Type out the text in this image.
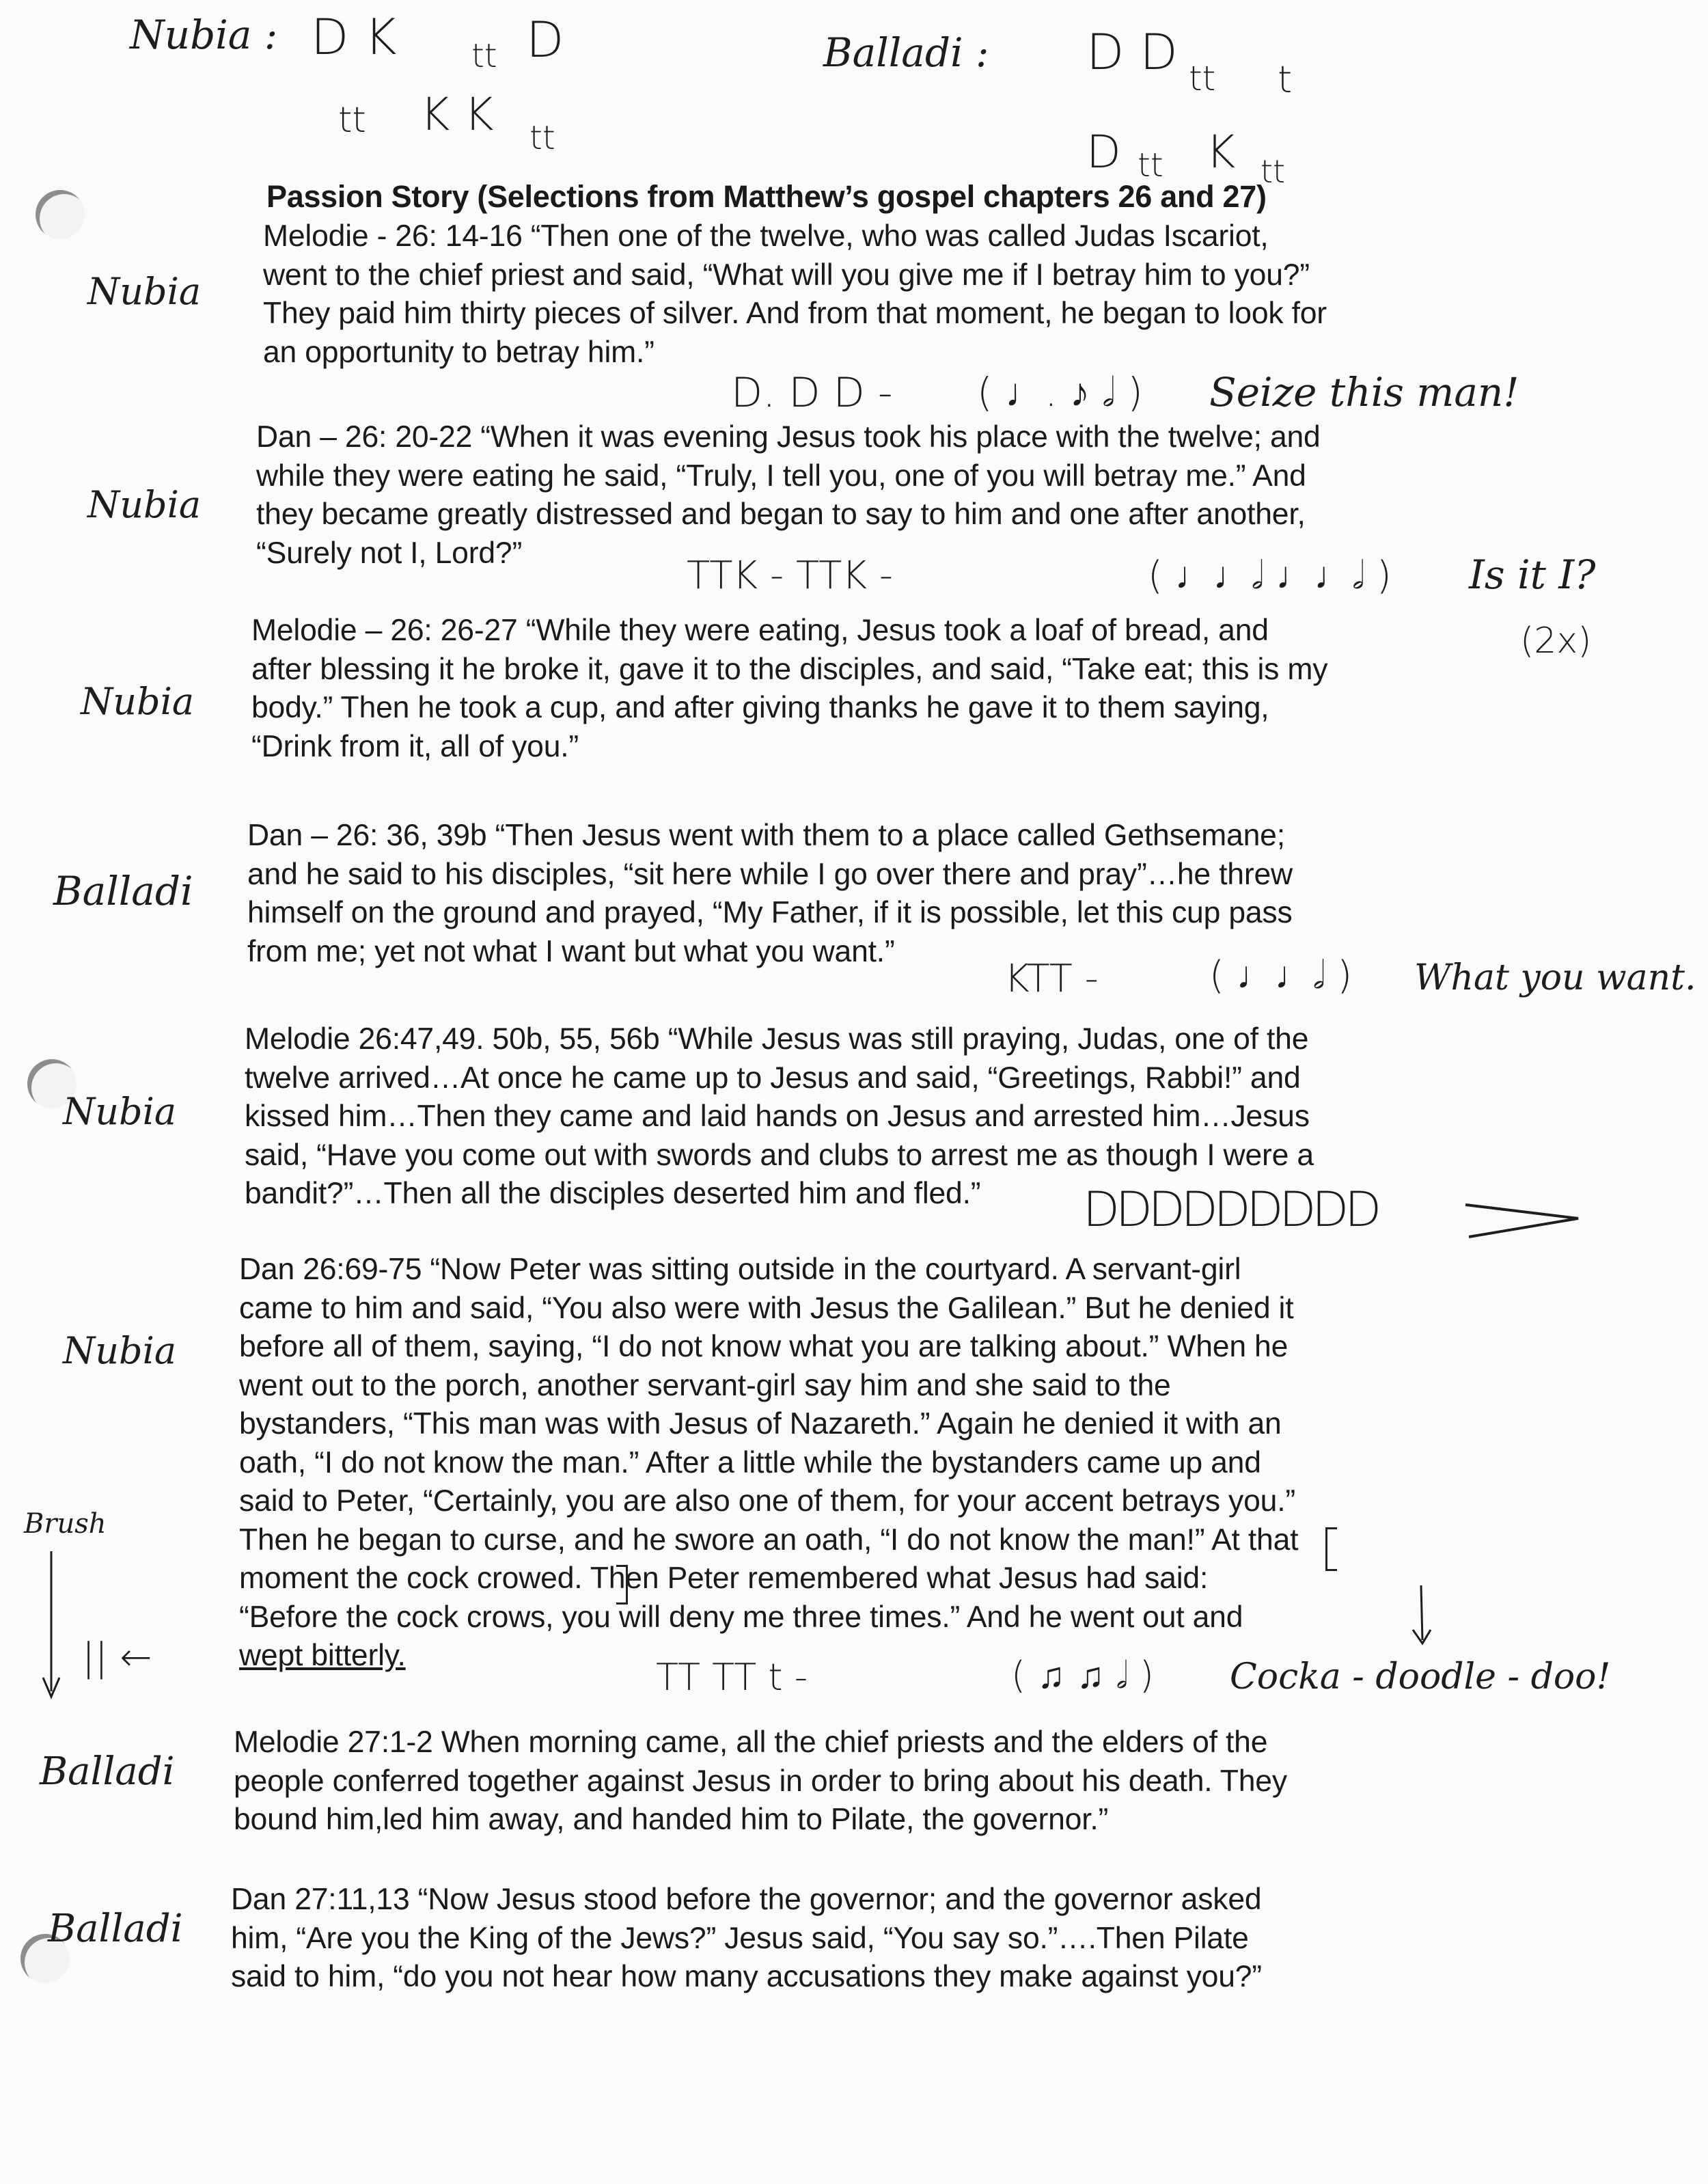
Nubia : D K tt D
tt K K tt
Balladi : D D tt t
D tt K tt
Passion Story (Selections from Matthew’s gospel chapters 26 and 27)
Nubia
Melodie - 26: 14-16 “Then one of the twelve, who was called Judas Iscariot,
went to the chief priest and said, “What will you give me if I betray him to you?”
They paid him thirty pieces of silver. And from that moment, he began to look for
an opportunity to betray him.”
D. D D - ( ♩. ♪ 𝅗𝅥 ) Seize this man!
Nubia
Dan – 26: 20-22 “When it was evening Jesus took his place with the twelve; and
while they were eating he said, “Truly, I tell you, one of you will betray me.” And
they became greatly distressed and began to say to him and one after another,
“Surely not I, Lord?”
TTK - TTK -	( ♩♩𝅗𝅥 ♩♩𝅗𝅥 ) Is it I?
(2x)
Nubia
Melodie – 26: 26-27 “While they were eating, Jesus took a loaf of bread, and
after blessing it he broke it, gave it to the disciples, and said, “Take eat; this is my
body.” Then he took a cup, and after giving thanks he gave it to them saying,
“Drink from it, all of you.”
Balladi
Dan – 26: 36, 39b “Then Jesus went with them to a place called Gethsemane;
and he said to his disciples, “sit here while I go over there and pray”…he threw
himself on the ground and prayed, “My Father, if it is possible, let this cup pass
from me; yet not what I want but what you want.”
KTT -	( ♩♩𝅗𝅥 ) What you want.
Nubia
Melodie 26:47,49. 50b, 55, 56b “While Jesus was still praying, Judas, one of the
twelve arrived…At once he came up to Jesus and said, “Greetings, Rabbi!” and
kissed him…Then they came and laid hands on Jesus and arrested him…Jesus
said, “Have you come out with swords and clubs to arrest me as though I were a
bandit?”…Then all the disciples deserted him and fled.”	DDDDDDDDD
Nubia
Dan 26:69-75 “Now Peter was sitting outside in the courtyard. A servant-girl
came to him and said, “You also were with Jesus the Galilean.” But he denied it
before all of them, saying, “I do not know what you are talking about.” When he
went out to the porch, another servant-girl say him and she said to the
bystanders, “This man was with Jesus of Nazareth.” Again he denied it with an
oath, “I do not know the man.” After a little while the bystanders came up and
said to Peter, “Certainly, you are also one of them, for your accent betrays you.”
Then he began to curse, and he swore an oath, “I do not know the man!” At that
moment the cock crowed. Then Peter remembered what Jesus had said:
“Before the cock crows, you will deny me three times.” And he went out and
wept bitterly.
Brush
|| ←	TT TT t -	( ♫ ♫ 𝅗𝅥 ) Cocka - doodle - doo!
Balladi
Melodie 27:1-2 When morning came, all the chief priests and the elders of the
people conferred together against Jesus in order to bring about his death. They
bound him,led him away, and handed him to Pilate, the governor.”
Balladi
Dan 27:11,13 “Now Jesus stood before the governor; and the governor asked
him, “Are you the King of the Jews?” Jesus said, “You say so.”….Then Pilate
said to him, “do you not hear how many accusations they make against you?”
